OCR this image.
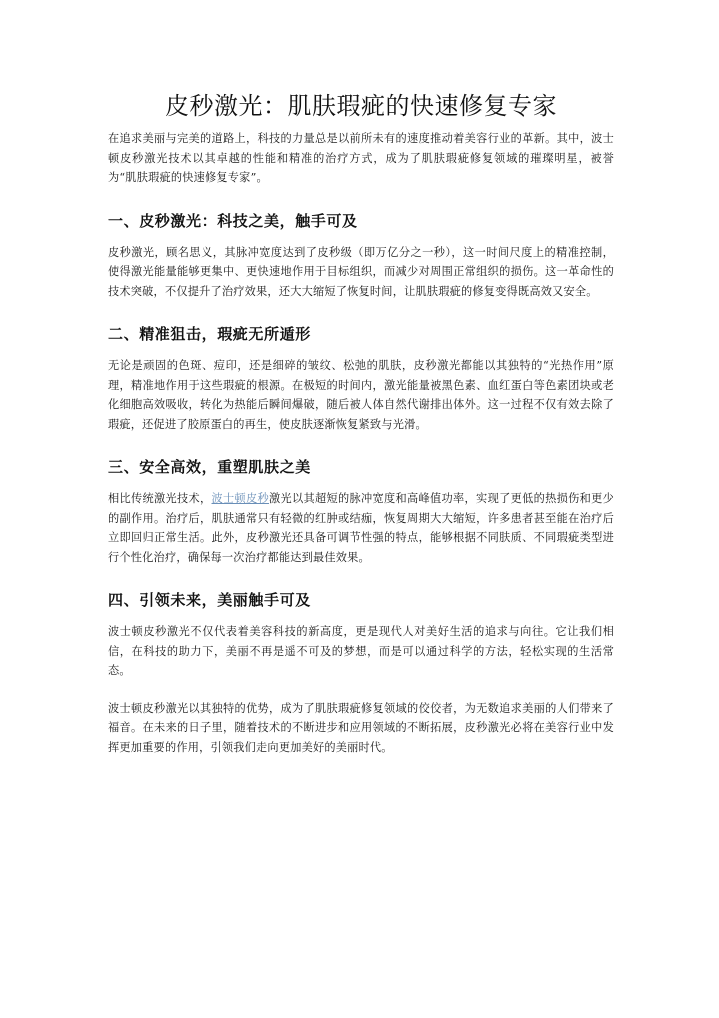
皮秒激光：肌肤瑕疵的快速修复专家

在追求美丽与完美的道路上，科技的力量总是以前所未有的速度推动着美容行业的革新。其中，波士顿皮秒激光技术以其卓越的性能和精准的治疗方式，成为了肌肤瑕疵修复领域的璀璨明星，被誉为“肌肤瑕疵的快速修复专家”。

一、皮秒激光：科技之美，触手可及

皮秒激光，顾名思义，其脉冲宽度达到了皮秒级（即万亿分之一秒），这一时间尺度上的精准控制，使得激光能量能够更集中、更快速地作用于目标组织，而减少对周围正常组织的损伤。这一革命性的技术突破，不仅提升了治疗效果，还大大缩短了恢复时间，让肌肤瑕疵的修复变得既高效又安全。

二、精准狙击，瑕疵无所遁形

无论是顽固的色斑、痘印，还是细碎的皱纹、松弛的肌肤，皮秒激光都能以其独特的“光热作用”原理，精准地作用于这些瑕疵的根源。在极短的时间内，激光能量被黑色素、血红蛋白等色素团块或老化细胞高效吸收，转化为热能后瞬间爆破，随后被人体自然代谢排出体外。这一过程不仅有效去除了瑕疵，还促进了胶原蛋白的再生，使皮肤逐渐恢复紧致与光滑。

三、安全高效，重塑肌肤之美

相比传统激光技术，波士顿皮秒激光以其超短的脉冲宽度和高峰值功率，实现了更低的热损伤和更少的副作用。治疗后，肌肤通常只有轻微的红肿或结痂，恢复周期大大缩短，许多患者甚至能在治疗后立即回归正常生活。此外，皮秒激光还具备可调节性强的特点，能够根据不同肤质、不同瑕疵类型进行个性化治疗，确保每一次治疗都能达到最佳效果。

四、引领未来，美丽触手可及

波士顿皮秒激光不仅代表着美容科技的新高度，更是现代人对美好生活的追求与向往。它让我们相信，在科技的助力下，美丽不再是遥不可及的梦想，而是可以通过科学的方法，轻松实现的生活常态。

波士顿皮秒激光以其独特的优势，成为了肌肤瑕疵修复领域的佼佼者，为无数追求美丽的人们带来了福音。在未来的日子里，随着技术的不断进步和应用领域的不断拓展，皮秒激光必将在美容行业中发挥更加重要的作用，引领我们走向更加美好的美丽时代。
